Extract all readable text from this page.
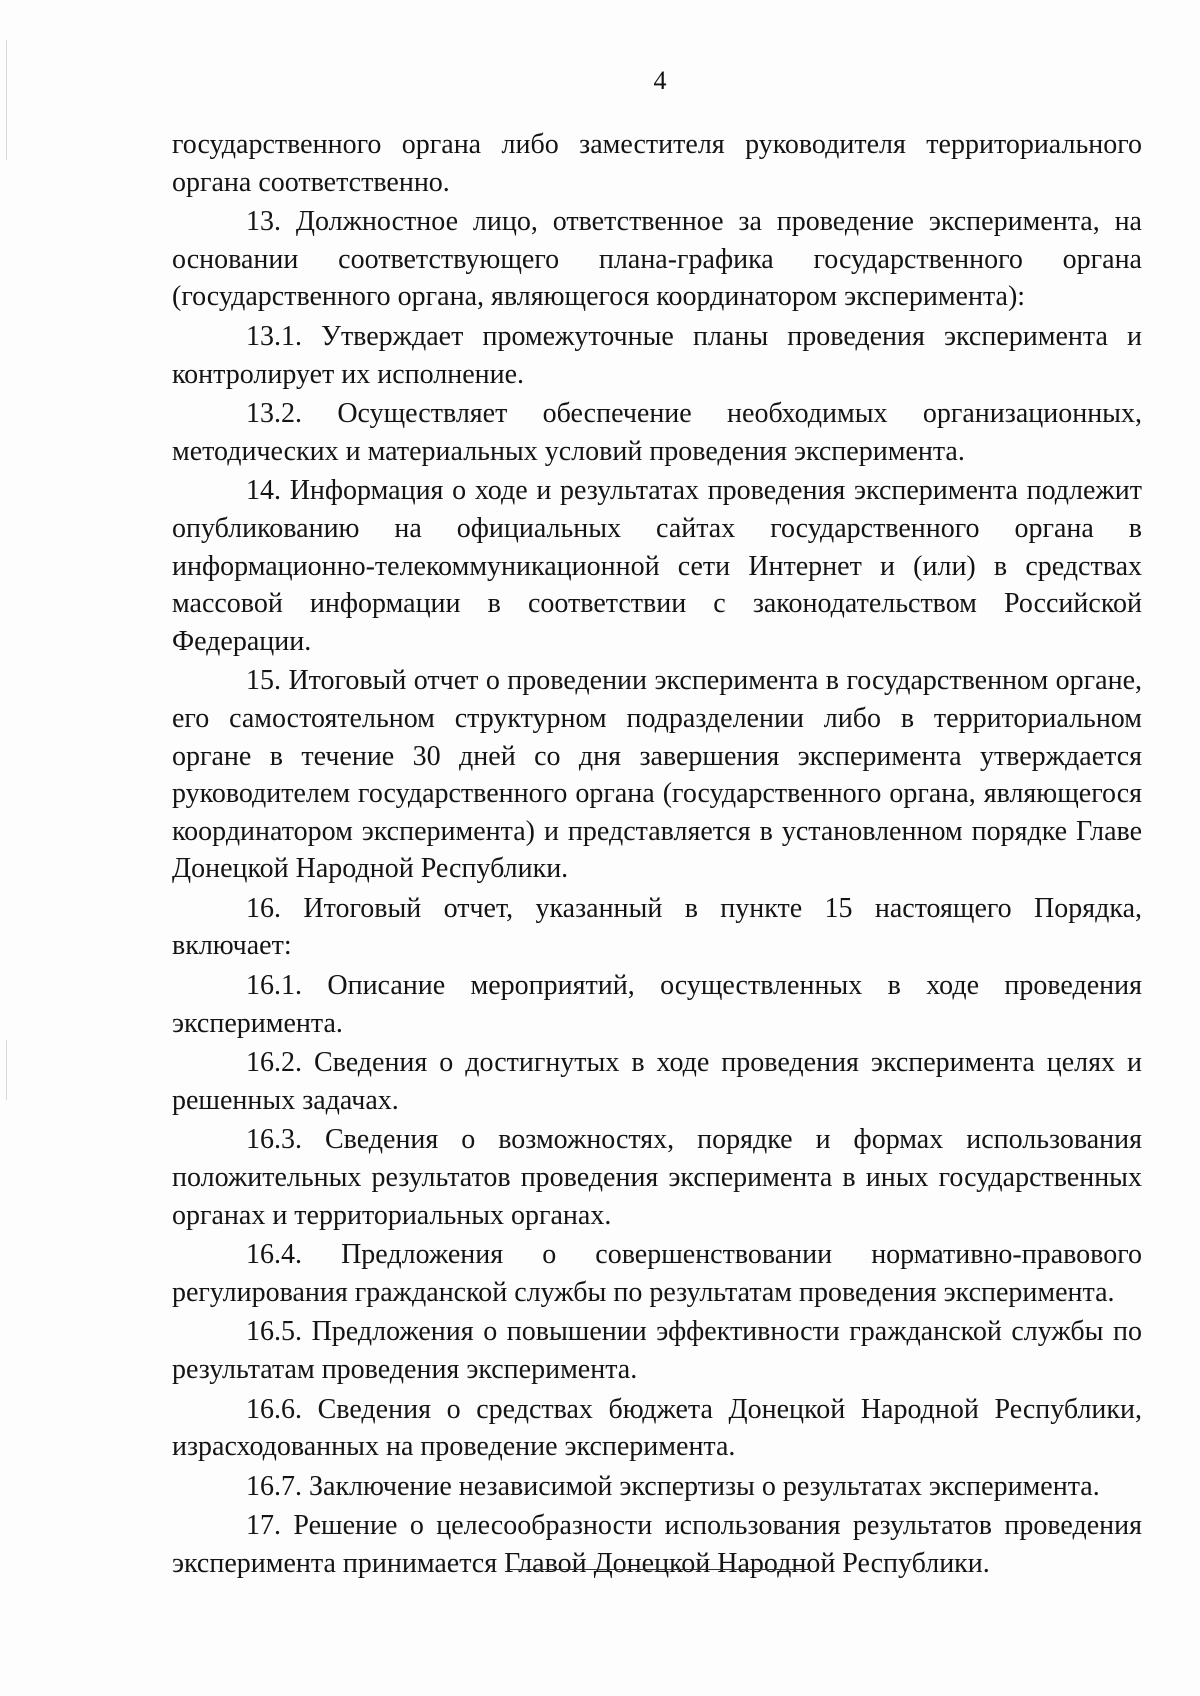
4

государственного органа либо заместителя руководителя территориального органа соответственно.

13. Должностное лицо, ответственное за проведение эксперимента, на основании соответствующего плана-графика государственного органа (государственного органа, являющегося координатором эксперимента):

13.1. Утверждает промежуточные планы проведения эксперимента и контролирует их исполнение.

13.2. Осуществляет обеспечение необходимых организационных, методических и материальных условий проведения эксперимента.

14. Информация о ходе и результатах проведения эксперимента подлежит опубликованию на официальных сайтах государственного органа в информационно-телекоммуникационной сети Интернет и (или) в средствах массовой информации в соответствии с законодательством Российской Федерации.

15. Итоговый отчет о проведении эксперимента в государственном органе, его самостоятельном структурном подразделении либо в территориальном органе в течение 30 дней со дня завершения эксперимента утверждается руководителем государственного органа (государственного органа, являющегося координатором эксперимента) и представляется в установленном порядке Главе Донецкой Народной Республики.

16. Итоговый отчет, указанный в пункте 15 настоящего Порядка, включает:

16.1. Описание мероприятий, осуществленных в ходе проведения эксперимента.

16.2. Сведения о достигнутых в ходе проведения эксперимента целях и решенных задачах.

16.3. Сведения о возможностях, порядке и формах использования положительных результатов проведения эксперимента в иных государственных органах и территориальных органах.

16.4. Предложения о совершенствовании нормативно-правового регулирования гражданской службы по результатам проведения эксперимента.

16.5. Предложения о повышении эффективности гражданской службы по результатам проведения эксперимента.

16.6. Сведения о средствах бюджета Донецкой Народной Республики, израсходованных на проведение эксперимента.

16.7. Заключение независимой экспертизы о результатах эксперимента.

17. Решение о целесообразности использования результатов проведения эксперимента принимается Главой Донецкой Народной Республики.
